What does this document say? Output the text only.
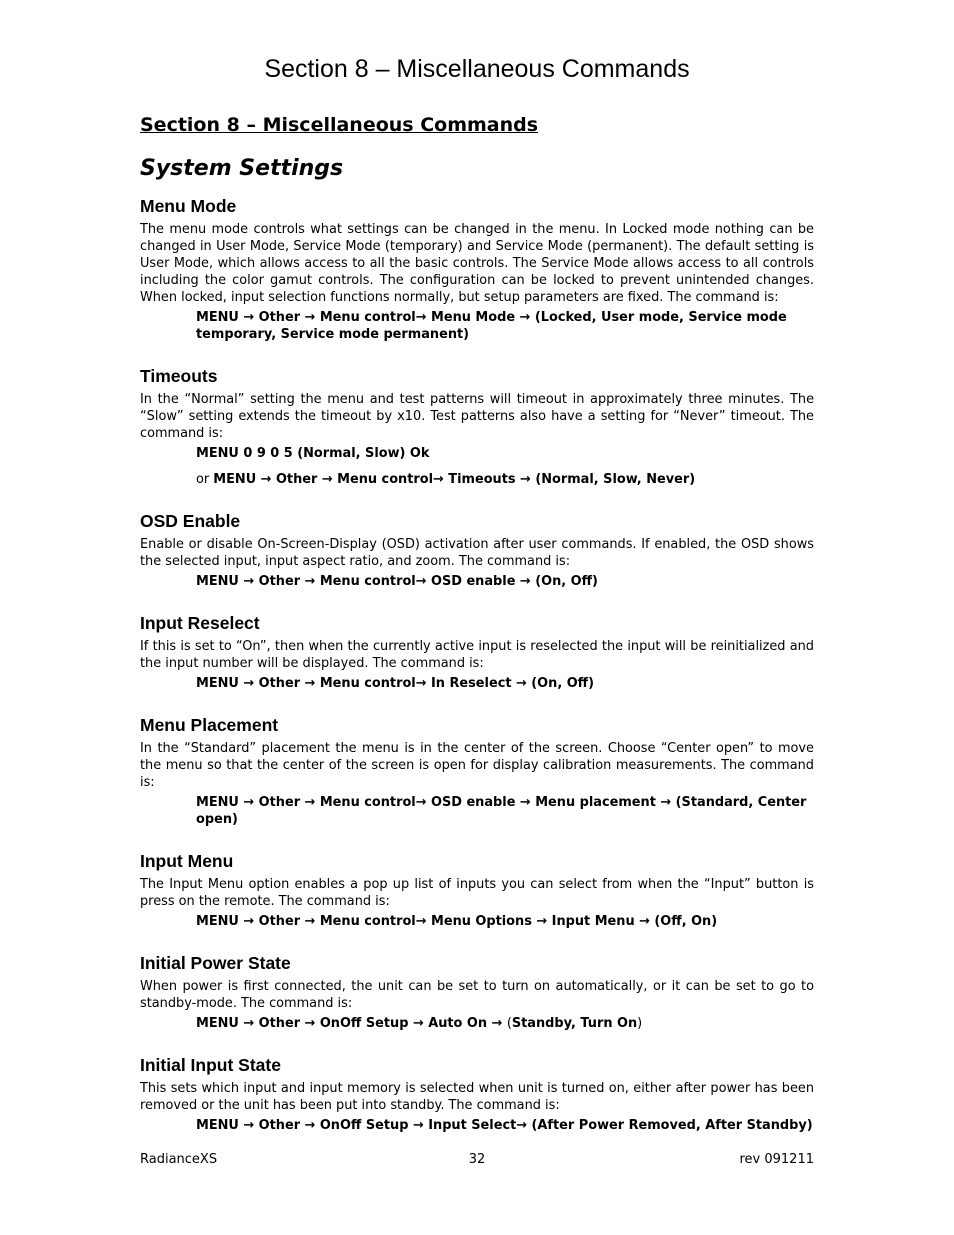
Section 8 – Miscellaneous Commands
Section 8 – Miscellaneous Commands
System Settings
Menu Mode

The menu mode controls what settings can be changed in the menu. In Locked mode nothing can be changed in User Mode, Service Mode (temporary) and Service Mode (permanent). The default setting is User Mode, which allows access to all the basic controls. The Service Mode allows access to all controls including the color gamut controls. The configuration can be locked to prevent unintended changes. When locked, input selection functions normally, but setup parameters are fixed. The command is:

MENU → Other → Menu control→ Menu Mode → (Locked, User mode, Service mode temporary, Service mode permanent)
Timeouts

In the “Normal” setting the menu and test patterns will timeout in approximately three minutes. The “Slow” setting extends the timeout by x10. Test patterns also have a setting for “Never” timeout. The command is:

MENU 0 9 0 5 (Normal, Slow) Ok
or MENU → Other → Menu control→ Timeouts → (Normal, Slow, Never)
OSD Enable

Enable or disable On-Screen-Display (OSD) activation after user commands. If enabled, the OSD shows the selected input, input aspect ratio, and zoom. The command is:

MENU → Other → Menu control→ OSD enable → (On, Off)
Input Reselect

If this is set to “On”, then when the currently active input is reselected the input will be reinitialized and the input number will be displayed. The command is:

MENU → Other → Menu control→ In Reselect → (On, Off)
Menu Placement

In the “Standard” placement the menu is in the center of the screen. Choose “Center open” to move the menu so that the center of the screen is open for display calibration measurements. The command is:

MENU → Other → Menu control→ OSD enable → Menu placement → (Standard, Center open)
Input Menu

The Input Menu option enables a pop up list of inputs you can select from when the “Input” button is press on the remote. The command is:

MENU → Other → Menu control→ Menu Options → Input Menu → (Off, On)
Initial Power State

When power is first connected, the unit can be set to turn on automatically, or it can be set to go to standby-mode. The command is:

MENU → Other → OnOff Setup → Auto On → (Standby, Turn On)
Initial Input State

This sets which input and input memory is selected when unit is turned on, either after power has been removed or the unit has been put into standby. The command is:

MENU → Other → OnOff Setup → Input Select→ (After Power Removed, After Standby)
RadianceXS	32	rev 091211
